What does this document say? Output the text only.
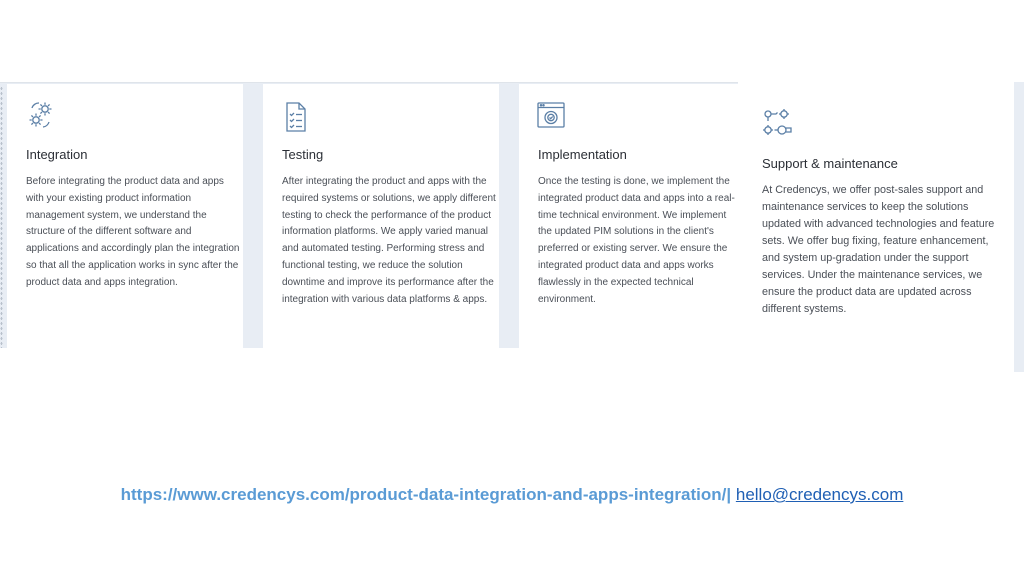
Integration
Before integrating the product data and apps with your existing product information management system, we understand the structure of the different software and applications and accordingly plan the integration so that all the application works in sync after the product data and apps integration.
Testing
After integrating the product and apps with the required systems or solutions, we apply different testing to check the performance of the product information platforms. We apply varied manual and automated testing. Performing stress and functional testing, we reduce the solution downtime and improve its performance after the integration with various data platforms & apps.
Implementation
Once the testing is done, we implement the integrated product data and apps into a real-time technical environment. We implement the updated PIM solutions in the client's preferred or existing server. We ensure the integrated product data and apps works flawlessly in the expected technical environment.
Support & maintenance
At Credencys, we offer post-sales support and maintenance services to keep the solutions updated with advanced technologies and feature sets. We offer bug fixing, feature enhancement, and system up-gradation under the support services. Under the maintenance services, we ensure the product data are updated across different systems.
https://www.credencys.com/product-data-integration-and-apps-integration/| hello@credencys.com
